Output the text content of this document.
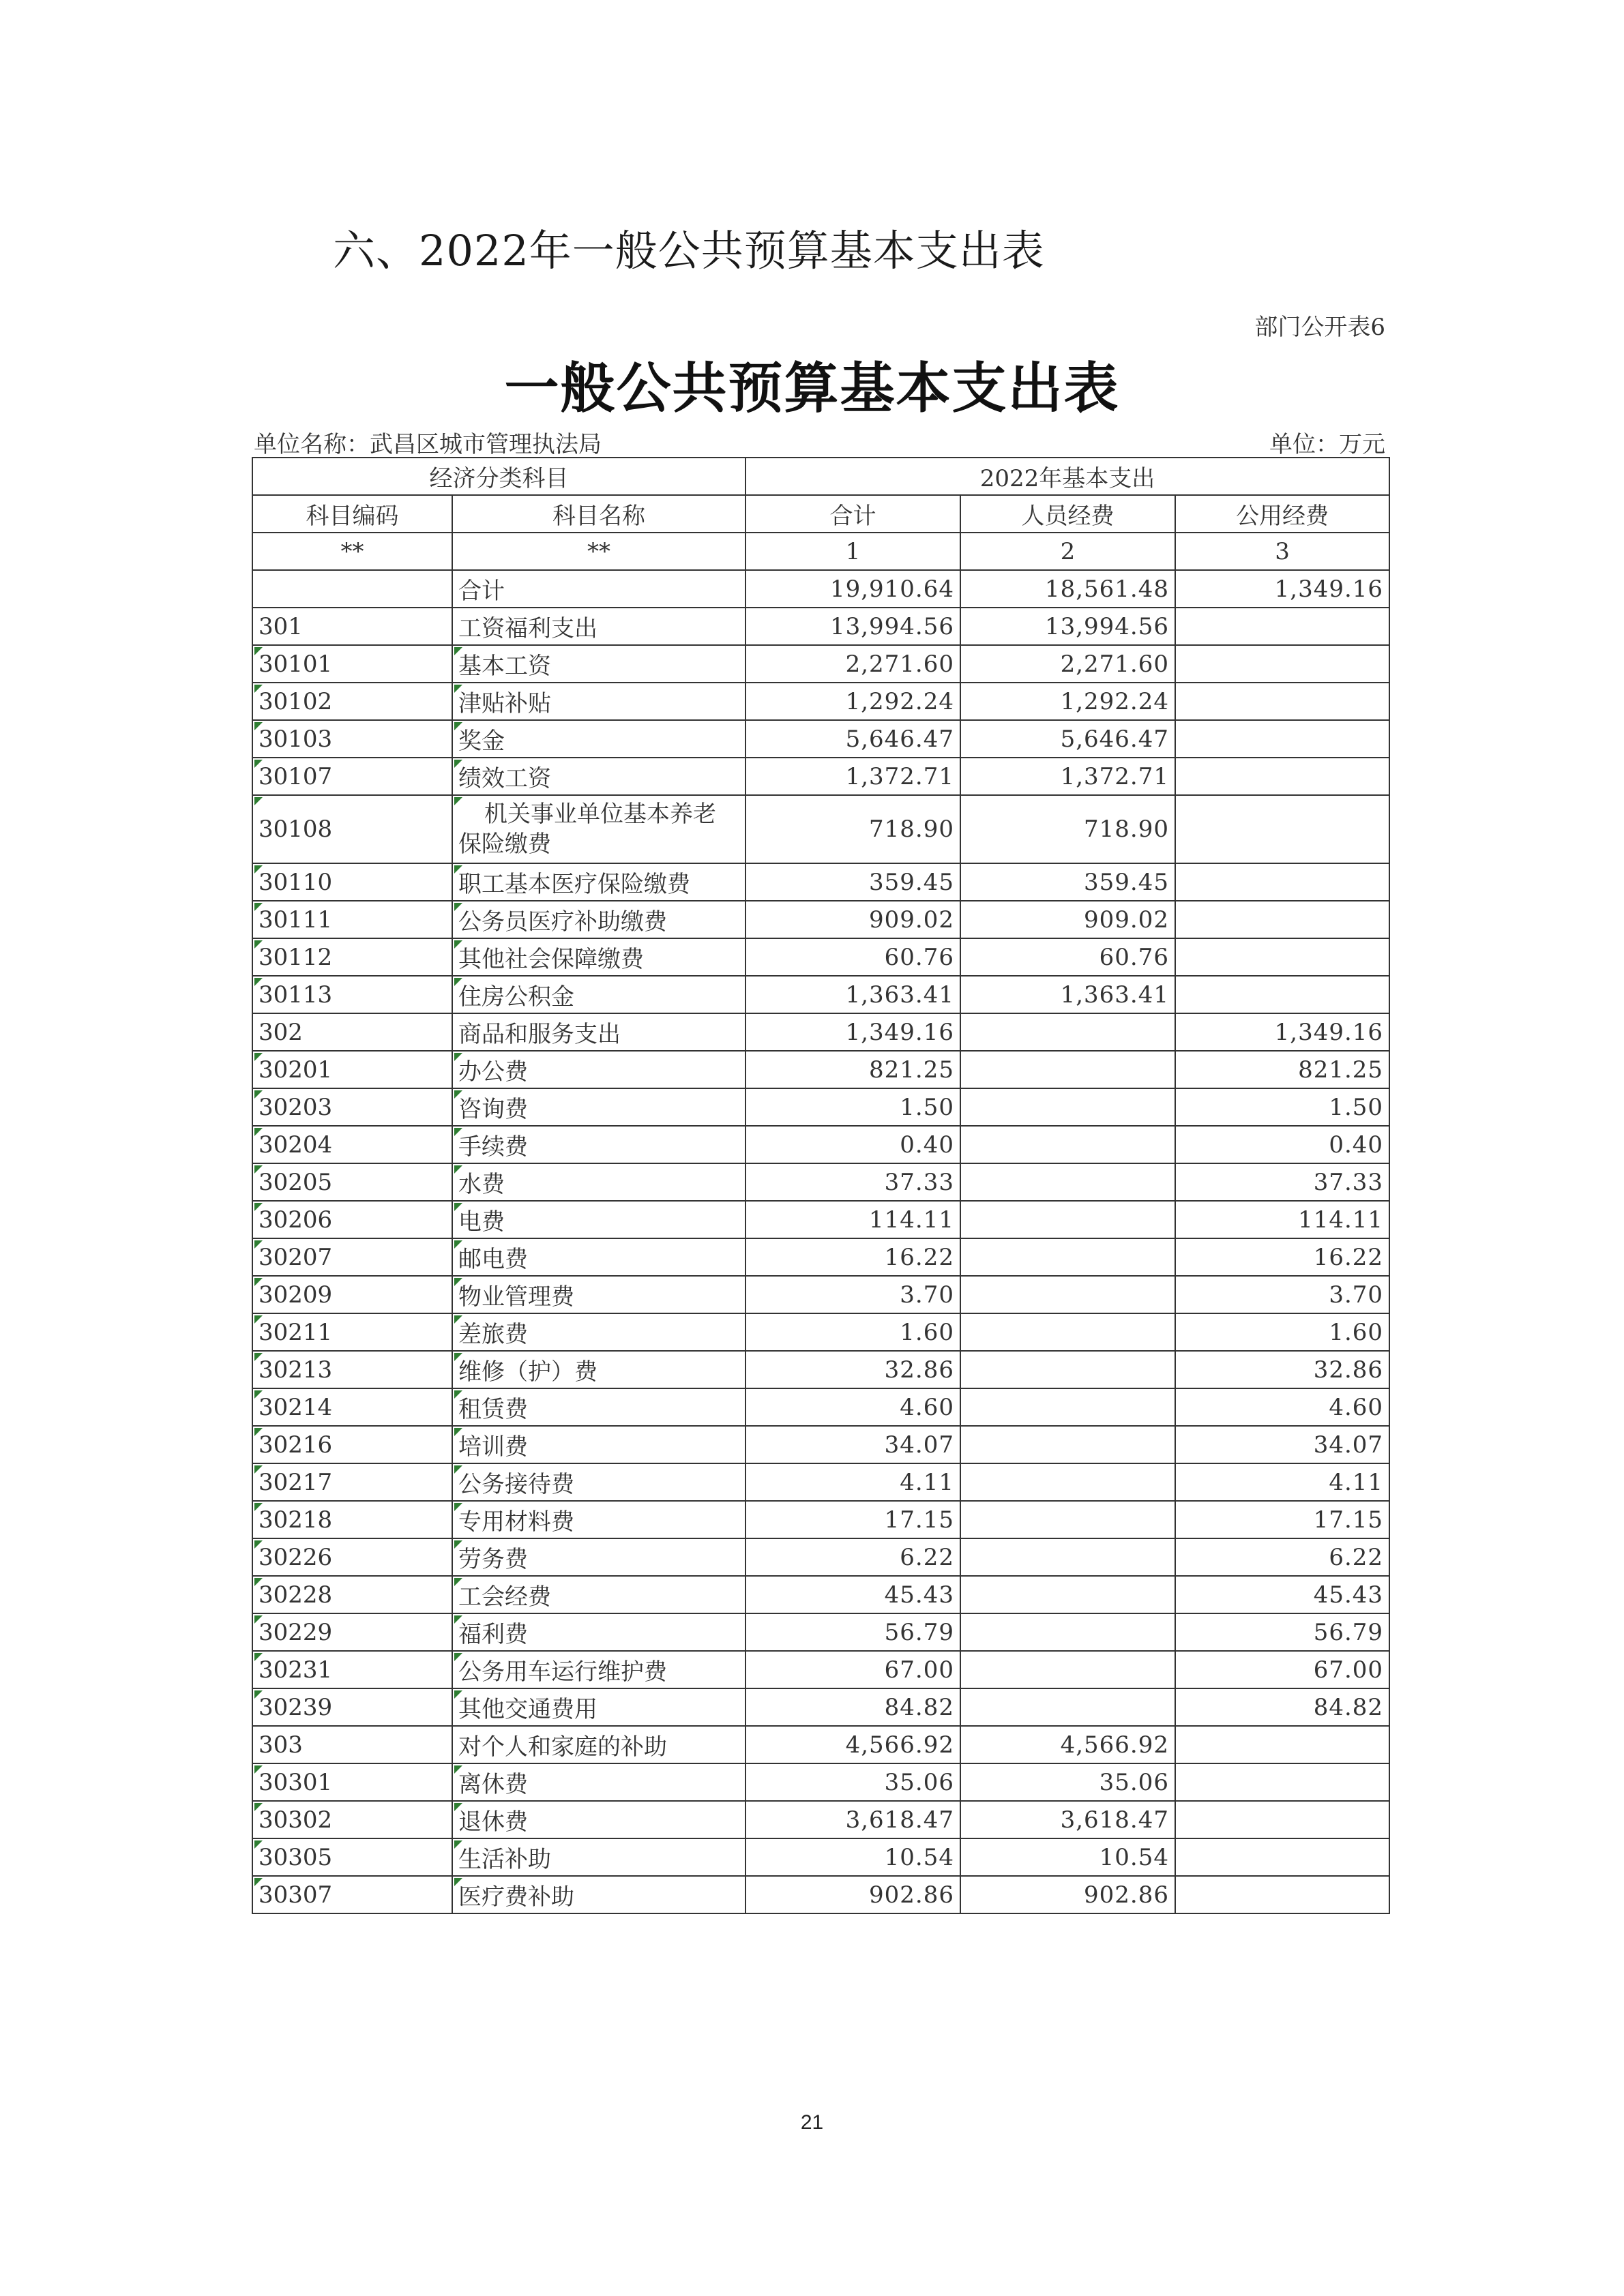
六、2022年一般公共预算基本支出表
部门公开表6
一般公共预算基本支出表
单位名称：武昌区城市管理执法局	单位：万元
经济分类科目		2022年基本支出		
科目编码	科目名称	合计	人员经费	公用经费
**	**	1	2	3
	合计	19,910.64	18,561.48	1,349.16
301	工资福利支出	13,994.56	13,994.56	
30101	基本工资	2,271.60	2,271.60	
30102	津贴补贴	1,292.24	1,292.24	
30103	奖金	5,646.47	5,646.47	
30107	绩效工资	1,372.71	1,372.71	
30108	机关事业单位基本养老
保险缴费	718.90	718.90	
30110	职工基本医疗保险缴费	359.45	359.45	
30111	公务员医疗补助缴费	909.02	909.02	
30112	其他社会保障缴费	60.76	60.76	
30113	住房公积金	1,363.41	1,363.41	
302	商品和服务支出	1,349.16		1,349.16
30201	办公费	821.25		821.25
30203	咨询费	1.50		1.50
30204	手续费	0.40		0.40
30205	水费	37.33		37.33
30206	电费	114.11		114.11
30207	邮电费	16.22		16.22
30209	物业管理费	3.70		3.70
30211	差旅费	1.60		1.60
30213	维修（护）费	32.86		32.86
30214	租赁费	4.60		4.60
30216	培训费	34.07		34.07
30217	公务接待费	4.11		4.11
30218	专用材料费	17.15		17.15
30226	劳务费	6.22		6.22
30228	工会经费	45.43		45.43
30229	福利费	56.79		56.79
30231	公务用车运行维护费	67.00		67.00
30239	其他交通费用	84.82		84.82
303	对个人和家庭的补助	4,566.92	4,566.92	
30301	离休费	35.06	35.06	
30302	退休费	3,618.47	3,618.47	
30305	生活补助	10.54	10.54	
30307	医疗费补助	902.86	902.86	
21
